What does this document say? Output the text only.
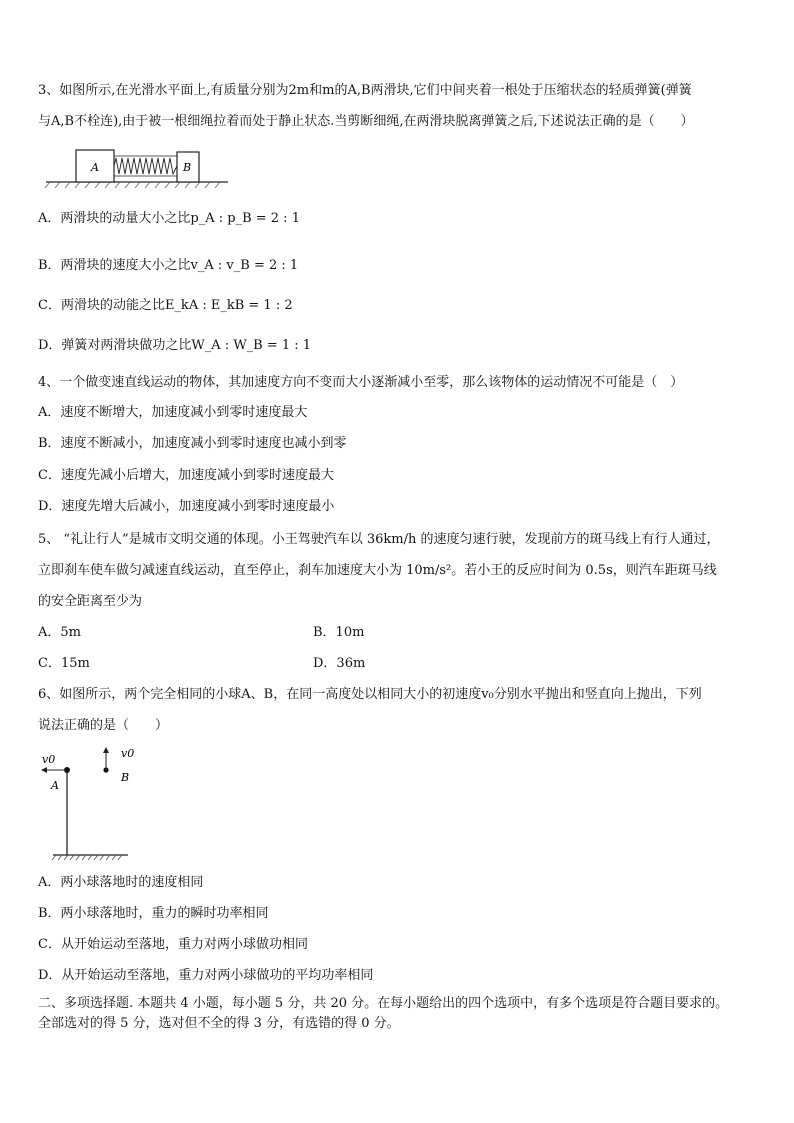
3、如图所示,在光滑水平面上,有质量分别为2m和m的A,B两滑块,它们中间夹着一根处于压缩状态的轻质弹簧(弹簧
与A,B不栓连),由于被一根细绳拉着而处于静止状态.当剪断细绳,在两滑块脱离弹簧之后,下述说法正确的是（　　）
A	B
A．两滑块的动量大小之比p_A : p_B = 2 : 1
B．两滑块的速度大小之比v_A : v_B = 2 : 1
C．两滑块的动能之比E_kA : E_kB = 1 : 2
D．弹簧对两滑块做功之比W_A : W_B = 1 : 1
4、一个做变速直线运动的物体，其加速度方向不变而大小逐渐减小至零，那么该物体的运动情况不可能是（　）
A．速度不断增大，加速度减小到零时速度最大
B．速度不断减小，加速度减小到零时速度也减小到零
C．速度先减小后增大，加速度减小到零时速度最大
D．速度先增大后减小，加速度减小到零时速度最小
5、 “礼让行人”是城市文明交通的体现。小王驾驶汽车以 36km/h 的速度匀速行驶，发现前方的斑马线上有行人通过，
立即刹车使车做匀减速直线运动，直至停止，刹车加速度大小为 10m/s²。若小王的反应时间为 0.5s，则汽车距斑马线
的安全距离至少为
A．5m	B．10m
C．15m	D．36m
6、如图所示，两个完全相同的小球A、B，在同一高度处以相同大小的初速度v₀分别水平抛出和竖直向上抛出，下列
说法正确的是（　　）
v0
A
v0
B
A．两小球落地时的速度相同
B．两小球落地时，重力的瞬时功率相同
C．从开始运动至落地，重力对两小球做功相同
D．从开始运动至落地，重力对两小球做功的平均功率相同
二、多项选择题. 本题共 4 小题，每小题 5 分，共 20 分。在每小题给出的四个选项中，有多个选项是符合题目要求的。
全部选对的得 5 分，选对但不全的得 3 分，有选错的得 0 分。
